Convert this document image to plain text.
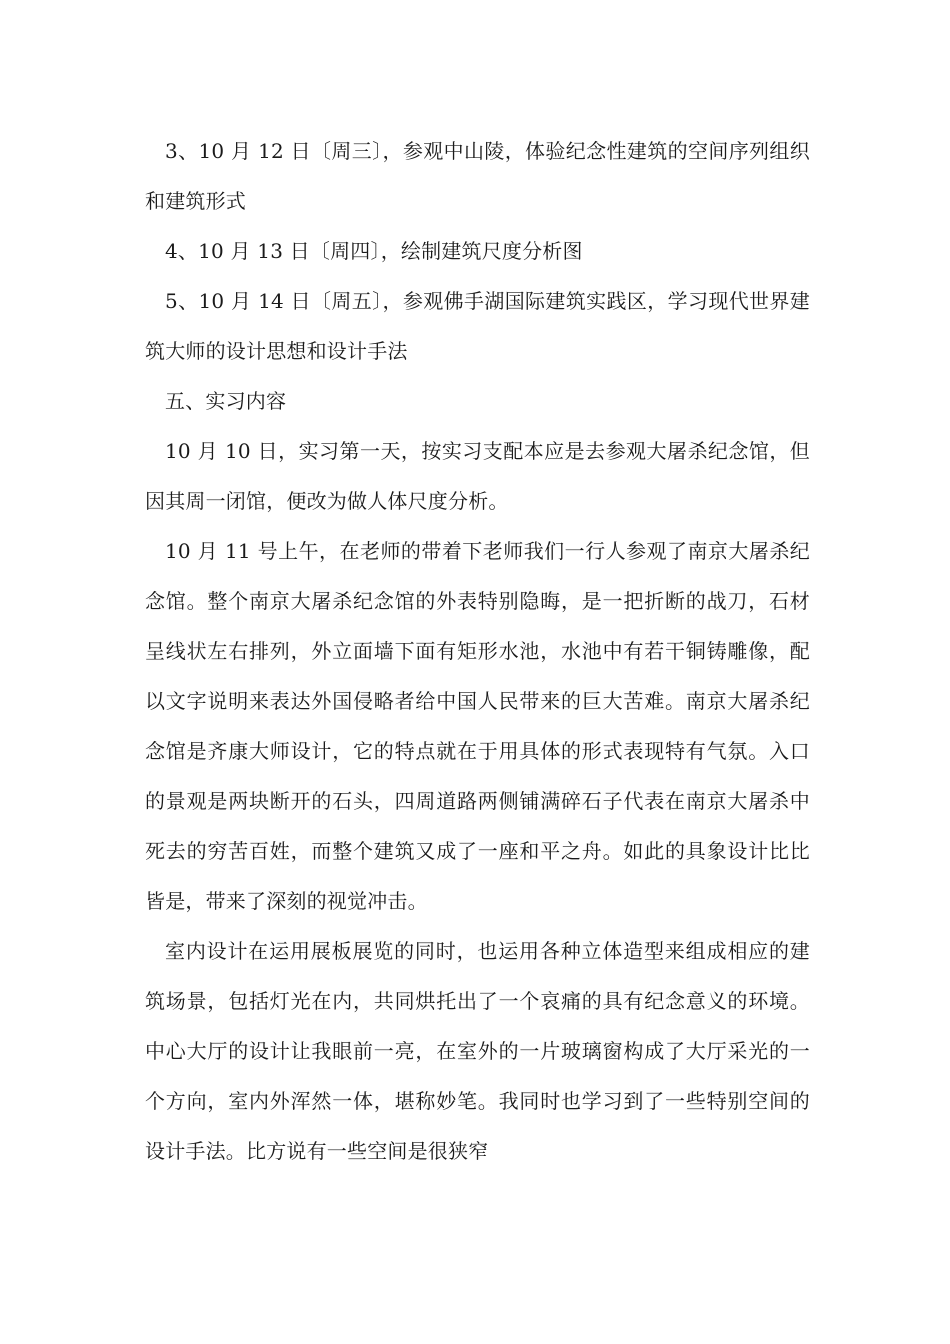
3、10 月 12 日〔周三〕，参观中山陵，体验纪念性建筑的空间序列组织和建筑形式

4、10 月 13 日〔周四〕，绘制建筑尺度分析图

5、10 月 14 日〔周五〕，参观佛手湖国际建筑实践区，学习现代世界建筑大师的设计思想和设计手法

五、实习内容

10 月 10 日，实习第一天，按实习支配本应是去参观大屠杀纪念馆，但因其周一闭馆，便改为做人体尺度分析。

10 月 11 号上午，在老师的带着下老师我们一行人参观了南京大屠杀纪念馆。整个南京大屠杀纪念馆的外表特别隐晦，是一把折断的战刀，石材呈线状左右排列，外立面墙下面有矩形水池，水池中有若干铜铸雕像，配以文字说明来表达外国侵略者给中国人民带来的巨大苦难。南京大屠杀纪念馆是齐康大师设计，它的特点就在于用具体的形式表现特有气氛。入口的景观是两块断开的石头，四周道路两侧铺满碎石子代表在南京大屠杀中死去的穷苦百姓，而整个建筑又成了一座和平之舟。如此的具象设计比比皆是，带来了深刻的视觉冲击。

室内设计在运用展板展览的同时，也运用各种立体造型来组成相应的建筑场景，包括灯光在内，共同烘托出了一个哀痛的具有纪念意义的环境。中心大厅的设计让我眼前一亮，在室外的一片玻璃窗构成了大厅采光的一个方向，室内外浑然一体，堪称妙笔。我同时也学习到了一些特别空间的设计手法。比方说有一些空间是很狭窄
